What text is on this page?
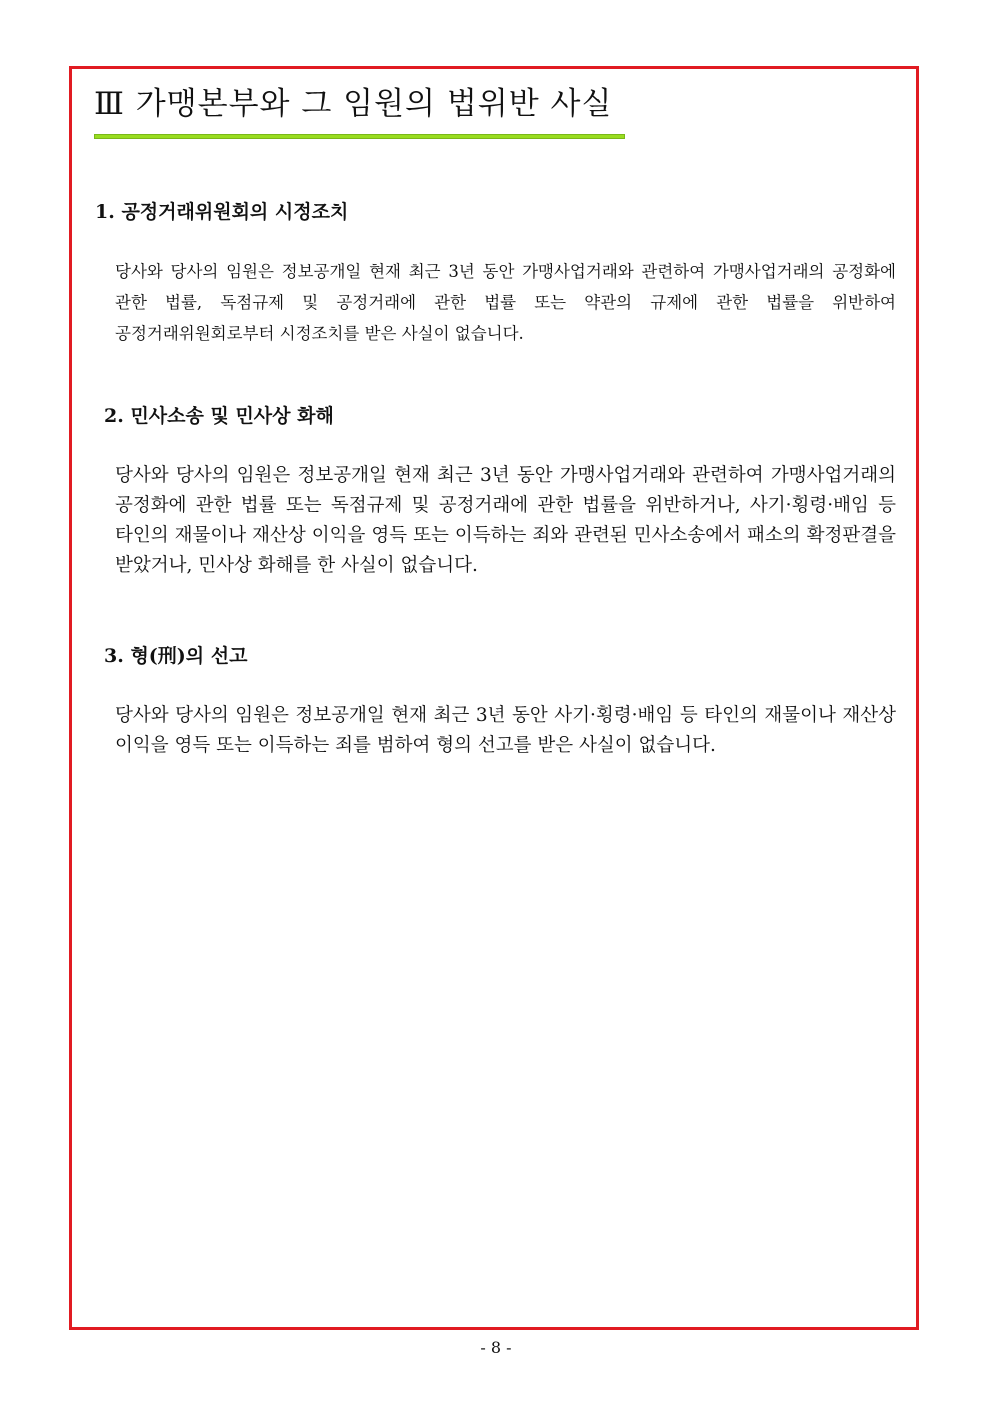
Ⅲ 가맹본부와 그 임원의 법위반 사실
1. 공정거래위원회의 시정조치

당사와 당사의 임원은 정보공개일 현재 최근 3년 동안 가맹사업거래와 관련하여 가맹사업거래의 공정화에 관한 법률, 독점규제 및 공정거래에 관한 법률 또는 약관의 규제에 관한 법률을 위반하여 공정거래위원회로부터 시정조치를 받은 사실이 없습니다.

2. 민사소송 및 민사상 화해

당사와 당사의 임원은 정보공개일 현재 최근 3년 동안 가맹사업거래와 관련하여 가맹사업거래의 공정화에 관한 법률 또는 독점규제 및 공정거래에 관한 법률을 위반하거나, 사기·횡령·배임 등 타인의 재물이나 재산상 이익을 영득 또는 이득하는 죄와 관련된 민사소송에서 패소의 확정판결을 받았거나, 민사상 화해를 한 사실이 없습니다.

3. 형(刑)의 선고

당사와 당사의 임원은 정보공개일 현재 최근 3년 동안 사기·횡령·배임 등 타인의 재물이나 재산상 이익을 영득 또는 이득하는 죄를 범하여 형의 선고를 받은 사실이 없습니다.

- 8 -
